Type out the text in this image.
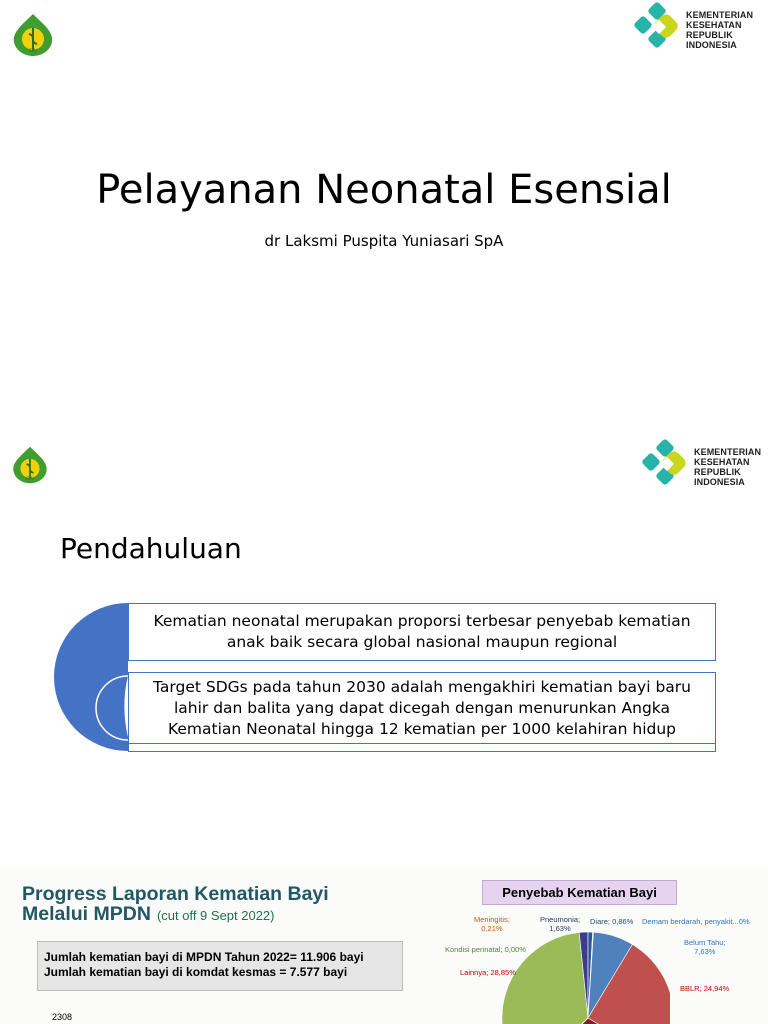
IDAI
KEMENTERIAN
KESEHATAN
REPUBLIK
INDONESIA
Pelayanan Neonatal Esensial
dr Laksmi Puspita Yuniasari SpA
IDAI
KEMENTERIAN
KESEHATAN
REPUBLIK
INDONESIA
Pendahuluan
Kematian neonatal merupakan proporsi terbesar penyebab kematian anak baik secara global nasional maupun regional
Target SDGs pada tahun 2030 adalah mengakhiri kematian bayi baru lahir dan balita yang dapat dicegah dengan menurunkan Angka Kematian Neonatal hingga 12 kematian per 1000 kelahiran hidup
Progress Laporan Kematian Bayi
Melalui MPDN (cut off 9 Sept 2022)
Jumlah kematian bayi di MPDN Tahun 2022= 11.906 bayi
Jumlah kematian bayi di komdat kesmas = 7.577 bayi
2308
Penyebab Kematian Bayi
Meningitis;
0,21%
Pneumonia;
1,63%
Diare; 0,86% Demam berdarah, penyakit...0%
Kondisi perinatal; 0,00%
Belum Tahu;
7,63%
Lainnya; 28,85%
BBLR; 24,94%
